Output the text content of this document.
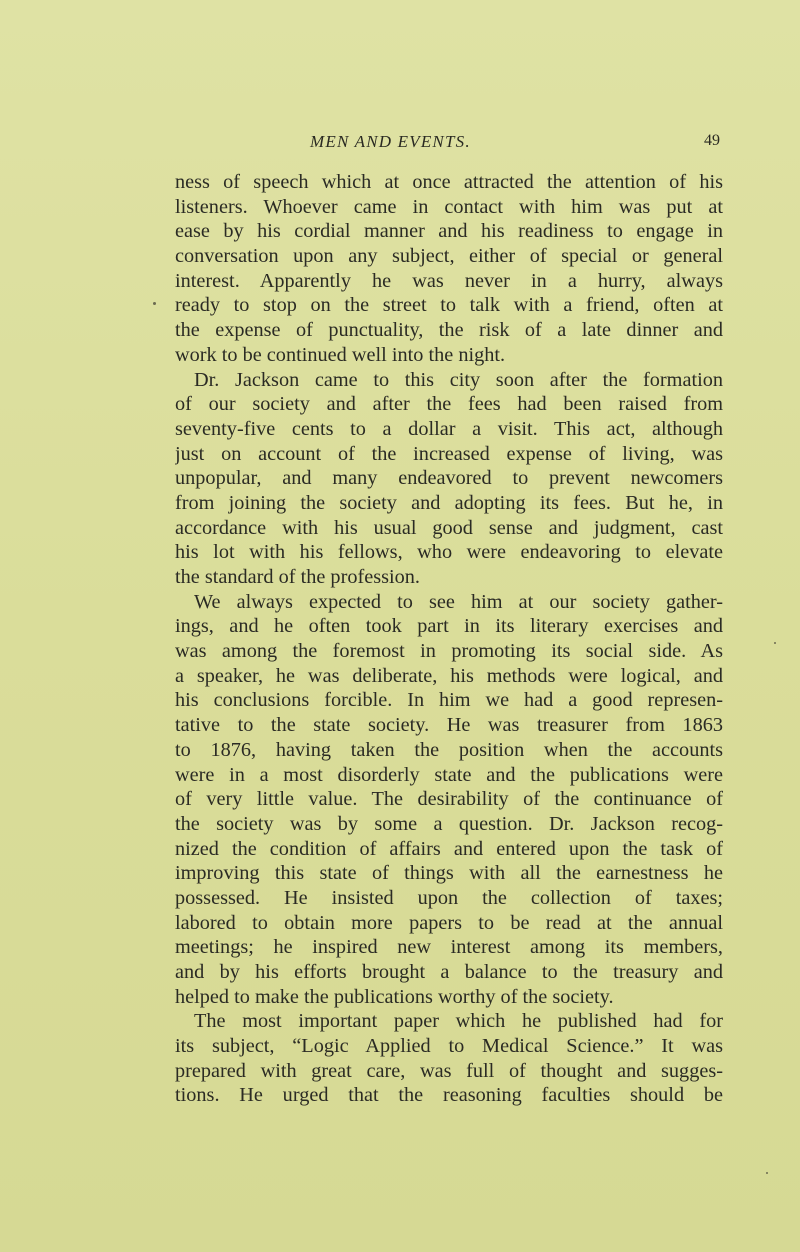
MEN AND EVENTS.	49
ness of speech which at once attracted the attention of his
listeners. Whoever came in contact with him was put at
ease by his cordial manner and his readiness to engage in
conversation upon any subject, either of special or general
interest. Apparently he was never in a hurry, always
ready to stop on the street to talk with a friend, often at
the expense of punctuality, the risk of a late dinner and
work to be continued well into the night.
Dr. Jackson came to this city soon after the formation
of our society and after the fees had been raised from
seventy-five cents to a dollar a visit. This act, although
just on account of the increased expense of living, was
unpopular, and many endeavored to prevent newcomers
from joining the society and adopting its fees. But he, in
accordance with his usual good sense and judgment, cast
his lot with his fellows, who were endeavoring to elevate
the standard of the profession.
We always expected to see him at our society gather-
ings, and he often took part in its literary exercises and
was among the foremost in promoting its social side. As
a speaker, he was deliberate, his methods were logical, and
his conclusions forcible. In him we had a good represen-
tative to the state society. He was treasurer from 1863
to 1876, having taken the position when the accounts
were in a most disorderly state and the publications were
of very little value. The desirability of the continuance of
the society was by some a question. Dr. Jackson recog-
nized the condition of affairs and entered upon the task of
improving this state of things with all the earnestness he
possessed. He insisted upon the collection of taxes;
labored to obtain more papers to be read at the annual
meetings; he inspired new interest among its members,
and by his efforts brought a balance to the treasury and
helped to make the publications worthy of the society.
The most important paper which he published had for
its subject, “Logic Applied to Medical Science.” It was
prepared with great care, was full of thought and sugges-
tions. He urged that the reasoning faculties should be
